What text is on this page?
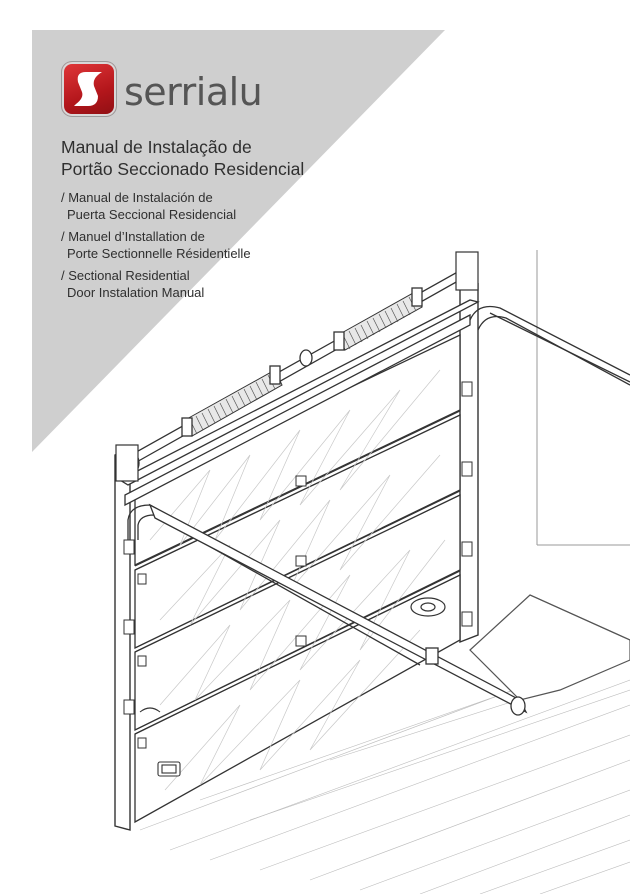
serrialu
Manual de Instalação de
Portão Seccionado Residencial
/ Manual de Instalación de
Puerta Seccional Residencial
/ Manuel d’Installation de
Porte Sectionnelle Résidentielle
/ Sectional Residential
Door Instalation Manual
